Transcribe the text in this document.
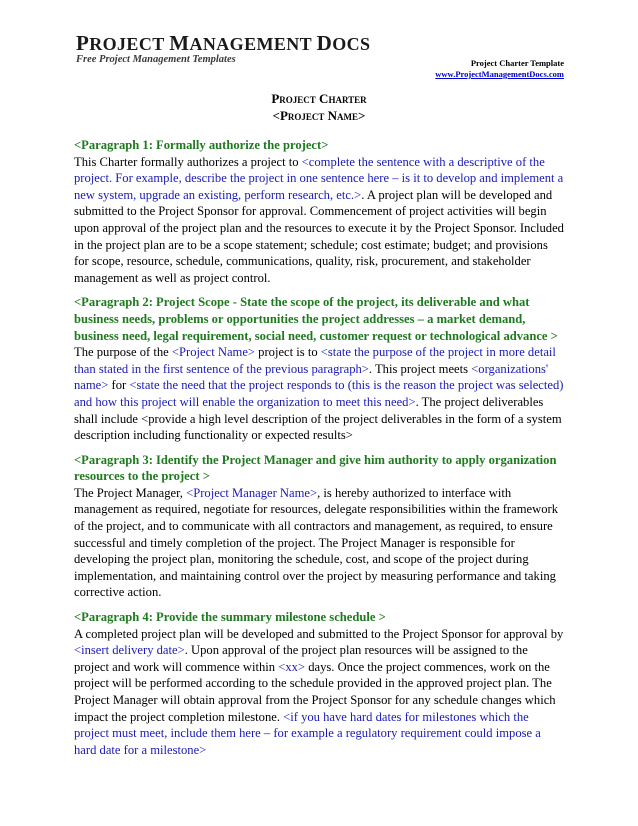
PROJECT MANAGEMENT DOCS
Free Project Management Templates	Project Charter Template
www.ProjectManagementDocs.com
Project Charter
<Project Name>
<Paragraph 1: Formally authorize the project>
This Charter formally authorizes a project to <complete the sentence with a descriptive of the project. For example, describe the project in one sentence here – is it to develop and implement a new system, upgrade an existing, perform research, etc.>. A project plan will be developed and submitted to the Project Sponsor for approval. Commencement of project activities will begin upon approval of the project plan and the resources to execute it by the Project Sponsor. Included in the project plan are to be a scope statement; schedule; cost estimate; budget; and provisions for scope, resource, schedule, communications, quality, risk, procurement, and stakeholder management as well as project control.
<Paragraph 2: Project Scope - State the scope of the project, its deliverable and what business needs, problems or opportunities the project addresses – a market demand, business need, legal requirement, social need, customer request or technological advance >
The purpose of the <Project Name> project is to <state the purpose of the project in more detail than stated in the first sentence of the previous paragraph>. This project meets <organizations' name> for <state the need that the project responds to (this is the reason the project was selected) and how this project will enable the organization to meet this need>. The project deliverables shall include <provide a high level description of the project deliverables in the form of a system description including functionality or expected results>
<Paragraph 3: Identify the Project Manager and give him authority to apply organization resources to the project >
The Project Manager, <Project Manager Name>, is hereby authorized to interface with management as required, negotiate for resources, delegate responsibilities within the framework of the project, and to communicate with all contractors and management, as required, to ensure successful and timely completion of the project. The Project Manager is responsible for developing the project plan, monitoring the schedule, cost, and scope of the project during implementation, and maintaining control over the project by measuring performance and taking corrective action.
<Paragraph 4: Provide the summary milestone schedule >
A completed project plan will be developed and submitted to the Project Sponsor for approval by <insert delivery date>. Upon approval of the project plan resources will be assigned to the project and work will commence within <xx> days. Once the project commences, work on the project will be performed according to the schedule provided in the approved project plan. The Project Manager will obtain approval from the Project Sponsor for any schedule changes which impact the project completion milestone. <if you have hard dates for milestones which the project must meet, include them here – for example a regulatory requirement could impose a hard date for a milestone>
